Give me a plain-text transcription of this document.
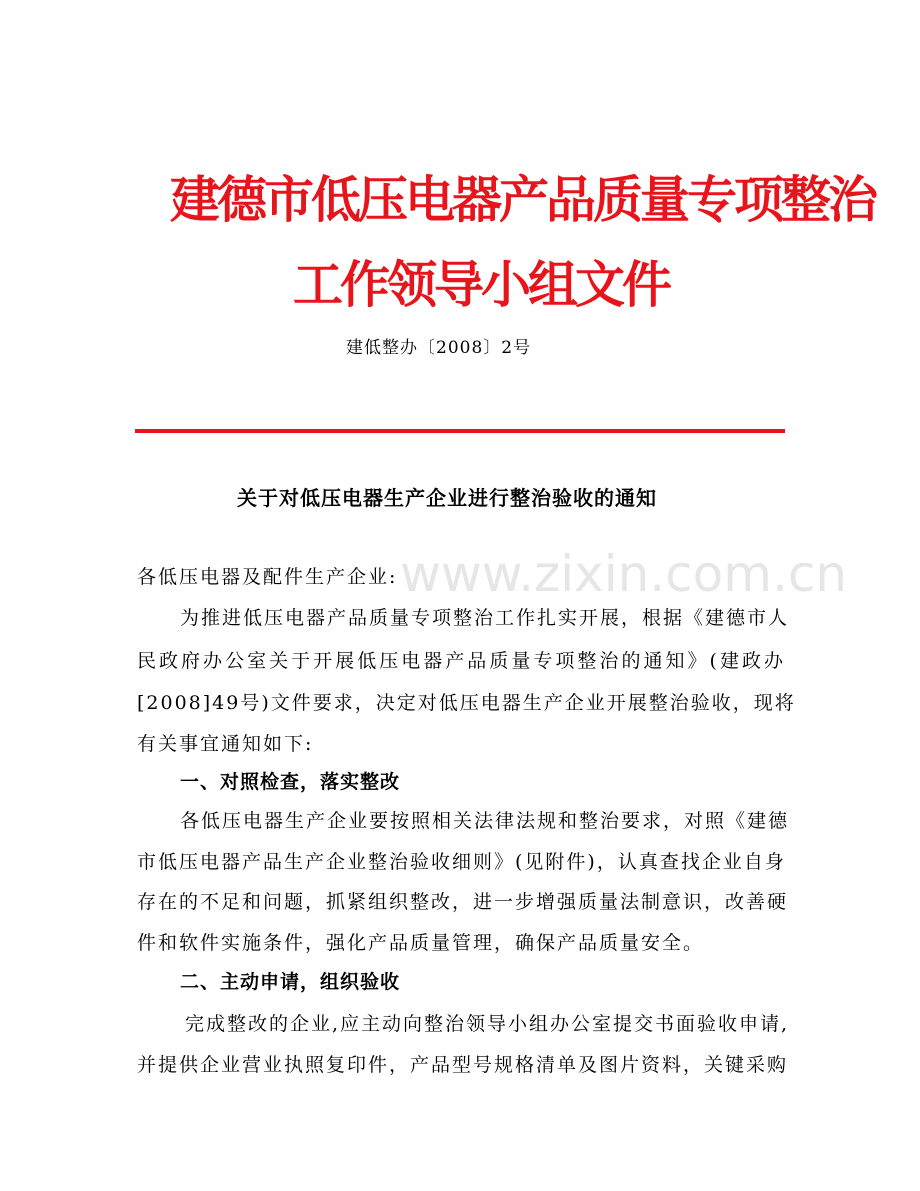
建德市低压电器产品质量专项整治
工作领导小组文件
建低整办〔2008〕2号
关于对低压电器生产企业进行整治验收的通知
www.zixin.com.cn
各低压电器及配件生产企业:
为推进低压电器产品质量专项整治工作扎实开展，根据《建德市人
民政府办公室关于开展低压电器产品质量专项整治的通知》(建政办
[2008]49号)文件要求，决定对低压电器生产企业开展整治验收，现将
有关事宜通知如下:
一、对照检查，落实整改
各低压电器生产企业要按照相关法律法规和整治要求，对照《建德
市低压电器产品生产企业整治验收细则》(见附件)，认真查找企业自身
存在的不足和问题，抓紧组织整改，进一步增强质量法制意识，改善硬
件和软件实施条件，强化产品质量管理，确保产品质量安全。
二、主动申请，组织验收
完成整改的企业,应主动向整治领导小组办公室提交书面验收申请,
并提供企业营业执照复印件，产品型号规格清单及图片资料，关键采购
